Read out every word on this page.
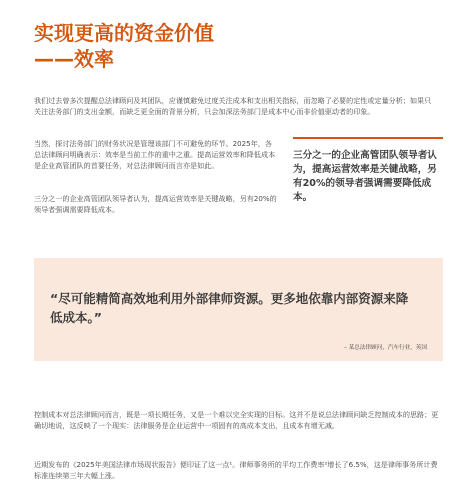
实现更高的资金价值
——效率

我们过去曾多次提醒总法律顾问及其团队，应谨慎避免过度关注成本和支出相关指标，而忽略了必要的定性或定量分析；如果只关注法务部门的支出金额，而缺乏更全面的背景分析，只会加深法务部门是成本中心而非价值驱动者的印象。

当然，探讨法务部门的财务状况是管理该部门不可避免的环节。2025年，各总法律顾问明确表示：效率是当前工作的重中之重。提高运营效率和降低成本是企业高管团队的首要任务，对总法律顾问而言亦是如此。

三分之一的企业高管团队领导者认为，提高运营效率是关键战略，另有20%的领导者强调需要降低成本。

三分之一的企业高管团队领导者认为，提高运营效率是关键战略，另有20%的领导者强调需要降低成本。

“尽可能精简高效地利用外部律师资源。更多地依靠内部资源来降低成本。”

– 某总法律顾问，汽车行业，英国

控制成本对总法律顾问而言，既是一项长期任务，又是一个难以完全实现的目标。这并不是说总法律顾问缺乏控制成本的思路；更确切地说，这反映了一个现实：法律服务是企业运营中一项固有的高成本支出，且成本有增无减。

近期发布的《2025年美国法律市场现状报告》便印证了这一点¹。律师事务所的平均工作费率²增长了6.5%，这是律师事务所计费标准连续第三年大幅上涨。
